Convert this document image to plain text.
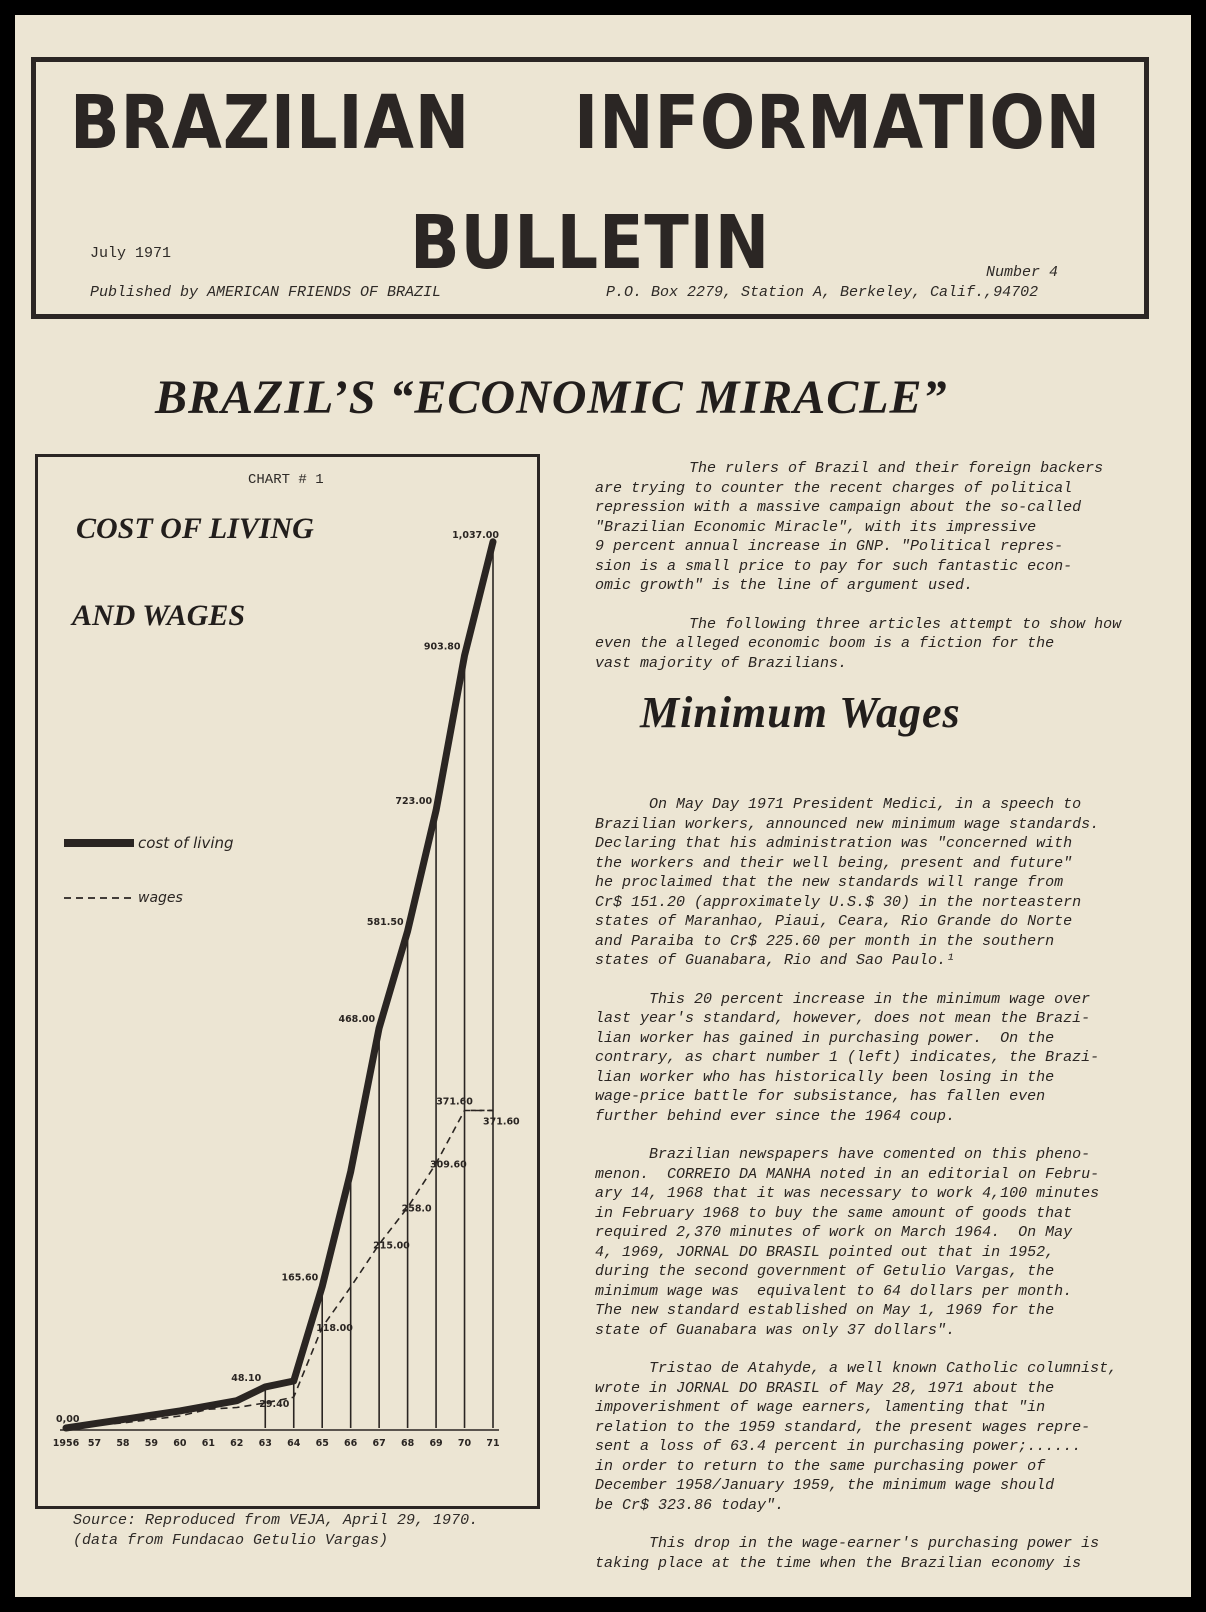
BRAZILIAN INFORMATION
BULLETIN
July 1971
Number 4
Published by AMERICAN FRIENDS OF BRAZIL	P.O. Box 2279, Station A, Berkeley, Calif.,94702
BRAZIL’S “ECONOMIC MIRACLE”
CHART # 1
COST OF LIVING
AND WAGES
1956 57 58 59 60 61 62 63 64 65 66 67 68 69 70 71
0,00
48.10
165.60
468.00
581.50
723.00
903.80
1,037.00
29.40
118.00
215.00
258.0
309.60
371.60
371.60
cost of living
wages
Source: Reproduced from VEJA, April 29, 1970.
(data from Fundacao Getulio Vargas)

The rulers of Brazil and their foreign backers
are trying to counter the recent charges of political
repression with a massive campaign about the so-called
"Brazilian Economic Miracle", with its impressive
9 percent annual increase in GNP. "Political repres-
sion is a small price to pay for such fantastic econ-
omic growth" is the line of argument used.

The following three articles attempt to show how
even the alleged economic boom is a fiction for the
vast majority of Brazilians.

Minimum Wages

On May Day 1971 President Medici, in a speech to
Brazilian workers, announced new minimum wage standards.
Declaring that his administration was "concerned with
the workers and their well being, present and future"
he proclaimed that the new standards will range from
Cr$ 151.20 (approximately U.S.$ 30) in the norteastern
states of Maranhao, Piaui, Ceara, Rio Grande do Norte
and Paraiba to Cr$ 225.60 per month in the southern
states of Guanabara, Rio and Sao Paulo.¹

This 20 percent increase in the minimum wage over
last year's standard, however, does not mean the Brazi-
lian worker has gained in purchasing power.  On the
contrary, as chart number 1 (left) indicates, the Brazi-
lian worker who has historically been losing in the
wage-price battle for subsistance, has fallen even
further behind ever since the 1964 coup.

Brazilian newspapers have comented on this pheno-
menon.  CORREIO DA MANHA noted in an editorial on Febru-
ary 14, 1968 that it was necessary to work 4,100 minutes
in February 1968 to buy the same amount of goods that
required 2,370 minutes of work on March 1964.  On May
4, 1969, JORNAL DO BRASIL pointed out that in 1952,
during the second government of Getulio Vargas, the
minimum wage was  equivalent to 64 dollars per month.
The new standard established on May 1, 1969 for the
state of Guanabara was only 37 dollars".

Tristao de Atahyde, a well known Catholic columnist,
wrote in JORNAL DO BRASIL of May 28, 1971 about the
impoverishment of wage earners, lamenting that "in
relation to the 1959 standard, the present wages repre-
sent a loss of 63.4 percent in purchasing power;......
in order to return to the same purchasing power of
December 1958/January 1959, the minimum wage should
be Cr$ 323.86 today".

This drop in the wage-earner's purchasing power is
taking place at the time when the Brazilian economy is
